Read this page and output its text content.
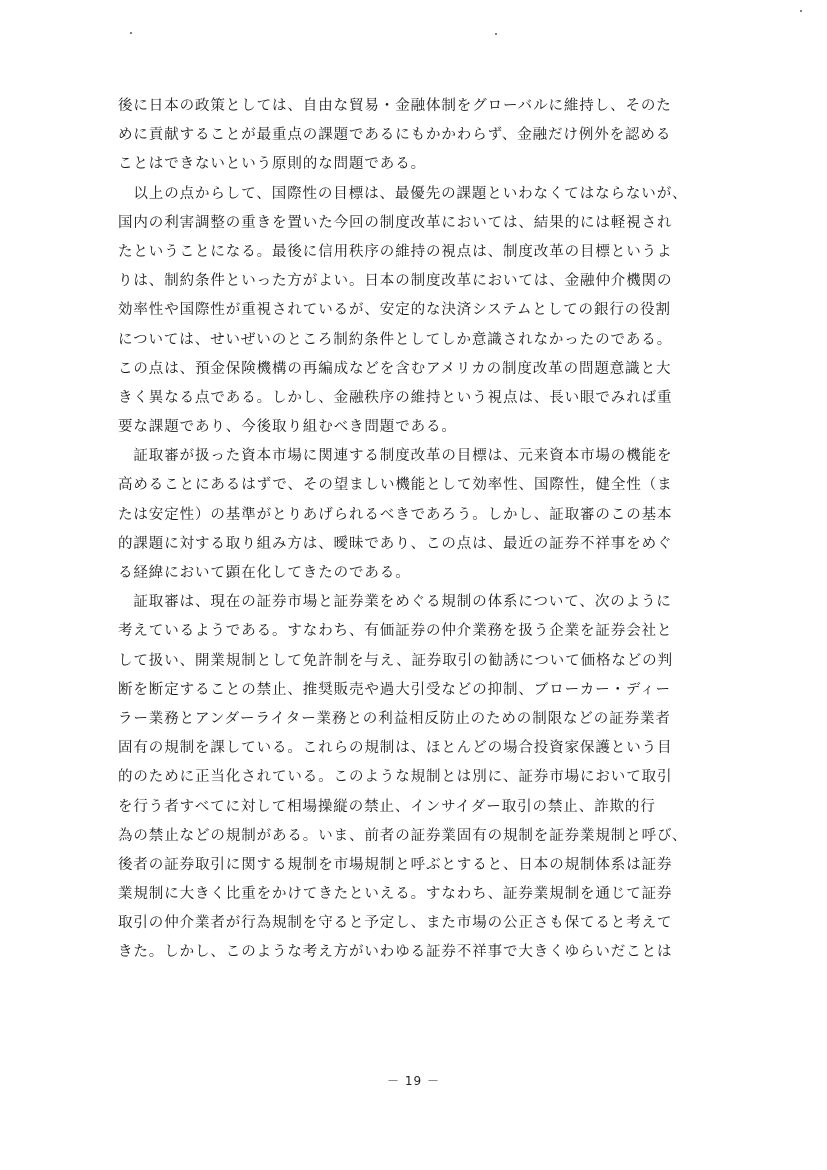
後に日本の政策としては、自由な貿易・金融体制をグローバルに維持し、そのた
めに貢献することが最重点の課題であるにもかかわらず、金融だけ例外を認める
ことはできないという原則的な問題である。
　以上の点からして、国際性の目標は、最優先の課題といわなくてはならないが、
国内の利害調整の重きを置いた今回の制度改革においては、結果的には軽視され
たということになる。最後に信用秩序の維持の視点は、制度改革の目標というよ
りは、制約条件といった方がよい。日本の制度改革においては、金融仲介機関の
効率性や国際性が重視されているが、安定的な決済システムとしての銀行の役割
については、せいぜいのところ制約条件としてしか意識されなかったのである。
この点は、預金保険機構の再編成などを含むアメリカの制度改革の問題意識と大
きく異なる点である。しかし、金融秩序の維持という視点は、長い眼でみれば重
要な課題であり、今後取り組むべき問題である。
　証取審が扱った資本市場に関連する制度改革の目標は、元来資本市場の機能を
高めることにあるはずで、その望ましい機能として効率性、国際性，健全性（ま
たは安定性）の基準がとりあげられるべきであろう。しかし、証取審のこの基本
的課題に対する取り組み方は、曖昧であり、この点は、最近の証券不祥事をめぐ
る経緯において顕在化してきたのである。
　証取審は、現在の証券市場と証券業をめぐる規制の体系について、次のように
考えているようである。すなわち、有価証券の仲介業務を扱う企業を証券会社と
して扱い、開業規制として免許制を与え、証券取引の勧誘について価格などの判
断を断定することの禁止、推奨販売や過大引受などの抑制、ブローカー・ディー
ラー業務とアンダーライター業務との利益相反防止のための制限などの証券業者
固有の規制を課している。これらの規制は、ほとんどの場合投資家保護という目
的のために正当化されている。このような規制とは別に、証券市場において取引
を行う者すべてに対して相場操縦の禁止、インサイダー取引の禁止、詐欺的行
為の禁止などの規制がある。いま、前者の証券業固有の規制を証券業規制と呼び、
後者の証券取引に関する規制を市場規制と呼ぶとすると、日本の規制体系は証券
業規制に大きく比重をかけてきたといえる。すなわち、証券業規制を通じて証券
取引の仲介業者が行為規制を守ると予定し、また市場の公正さも保てると考えて
きた。しかし、このような考え方がいわゆる証券不祥事で大きくゆらいだことは
－ 19 －
